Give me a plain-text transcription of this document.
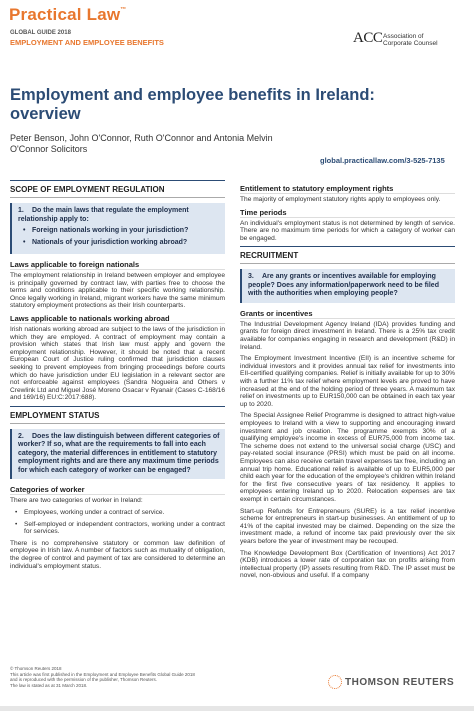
Practical Law™
GLOBAL GUIDE 2018
EMPLOYMENT AND EMPLOYEE BENEFITS	ACC Association of
Corporate Counsel
Employment and employee benefits in Ireland:
overview
Peter Benson, John O'Connor, Ruth O'Connor and Antonia Melvin
O'Connor Solicitors
global.practicallaw.com/3-525-7135
SCOPE OF EMPLOYMENT REGULATION
1. Do the main laws that regulate the employment relationship apply to:
• Foreign nationals working in your jurisdiction?
• Nationals of your jurisdiction working abroad?
Laws applicable to foreign nationals

The employment relationship in Ireland between employer and employee is principally governed by contract law, with parties free to choose the terms and conditions applicable to their specific working relationship. Once legally working in Ireland, migrant workers have the same minimum statutory employment protections as their Irish counterparts.

Laws applicable to nationals working abroad

Irish nationals working abroad are subject to the laws of the jurisdiction in which they are employed. A contract of employment may contain a provision which states that Irish law must apply and govern the employment relationship. However, it should be noted that a recent European Court of Justice ruling confirmed that jurisdiction clauses seeking to prevent employees from bringing proceedings before courts which do have jurisdiction under EU legislation in a relevant sector are not enforceable against employees (Sandra Nogueira and Others v Crewlink Ltd and Miguel José Moreno Osacar v Ryanair (Cases C-168/16 and 169/16) EU:C:2017:688).

EMPLOYMENT STATUS
2. Does the law distinguish between different categories of worker? If so, what are the requirements to fall into each category, the material differences in entitlement to statutory employment rights and are there any maximum time periods for which each category of worker can be engaged?
Categories of worker

There are two categories of worker in Ireland:

• Employees, working under a contract of service.
• Self-employed or independent contractors, working under a contract for services.

There is no comprehensive statutory or common law definition of employee in Irish law. A number of factors such as mutuality of obligation, the degree of control and payment of tax are considered to determine an individual's employment status.

Entitlement to statutory employment rights

The majority of employment statutory rights apply to employees only.

Time periods

An individual's employment status is not determined by length of service. There are no maximum time periods for which a category of worker can be engaged.

RECRUITMENT
3. Are any grants or incentives available for employing people? Does any information/paperwork need to be filed with the authorities when employing people?
Grants or incentives

The Industrial Development Agency Ireland (IDA) provides funding and grants for foreign direct investment in Ireland. There is a 25% tax credit available for companies engaging in research and development (R&D) in Ireland.

The Employment Investment Incentive (EII) is an incentive scheme for individual investors and it provides annual tax relief for investments into EII-certified qualifying companies. Relief is initially available for up to 30% with a further 11% tax relief where employment levels are proved to have increased at the end of the holding period of three years. A maximum tax relief on investments up to EUR150,000 can be obtained in each tax year up to 2020.

The Special Assignee Relief Programme is designed to attract high-value employees to Ireland with a view to supporting and encouraging inward investment and job creation. The programme exempts 30% of a qualifying employee's income in excess of EUR75,000 from income tax. The scheme does not extend to the universal social charge (USC) and pay-related social insurance (PRSI) which must be paid on all income. Employees can also receive certain travel expenses tax free, including an annual trip home. Educational relief is available of up to EUR5,000 per child each year for the education of the employee's children within Ireland for the first five consecutive years of tax residency. It applies to employees entering Ireland up to 2020. Relocation expenses are tax exempt in certain circumstances.

Start-up Refunds for Entrepreneurs (SURE) is a tax relief incentive scheme for entrepreneurs in start-up businesses. An entitlement of up to 41% of the capital invested may be claimed. Depending on the size the investment made, a refund of income tax paid previously over the six years before the year of investment may be recouped.

The Knowledge Development Box (Certification of Inventions) Act 2017 (KDB) introduces a lower rate of corporation tax on profits arising from intellectual property (IP) assets resulting from R&D. The IP asset must be novel, non-obvious and useful. If a company

© Thomson Reuters 2018
This article was first published in the Employment and Employee Benefits Global Guide 2018
and is reproduced with the permission of the publisher, Thomson Reuters.
The law is stated as at 31 March 2018.	THOMSON REUTERS
